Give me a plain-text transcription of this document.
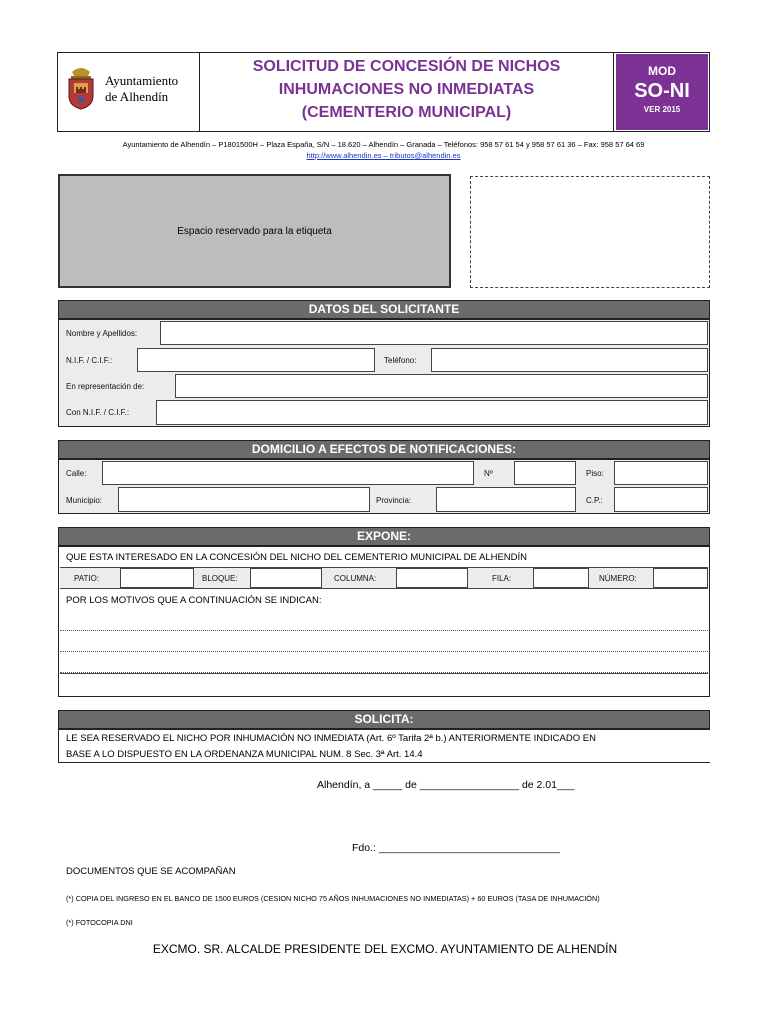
Ayuntamiento
de Alhendín
SOLICITUD DE CONCESIÓN DE NICHOS
INHUMACIONES NO INMEDIATAS
(CEMENTERIO MUNICIPAL)
MOD
SO-NI
VER 2015
Ayuntamiento de Alhendín – P1801500H – Plaza España, S/N – 18.620 – Alhendín – Granada – Teléfonos: 958 57 61 54 y 958 57 61 36 – Fax: 958 57 64 69
http://www.alhendin.es – tributos@alhendin.es
Espacio reservado para la etiqueta
DATOS DEL SOLICITANTE
Nombre y Apellidos:
N.I.F. / C.I.F.:	Teléfono:
En representación de:
Con N.I.F. / C.I.F.:
DOMICILIO A EFECTOS DE NOTIFICACIONES:
Calle:	Nº	Piso:
Municipio:	Provincia:	C.P.:
EXPONE:
QUE ESTA INTERESADO EN LA CONCESIÓN DEL NICHO DEL CEMENTERIO MUNICIPAL DE ALHENDÍN
PATIO:	BLOQUE:	COLUMNA:	FILA:	NÚMERO:
POR LOS MOTIVOS QUE A CONTINUACIÓN SE INDICAN:
SOLICITA:
LE SEA RESERVADO EL NICHO POR INHUMACIÓN NO INMEDIATA (Art. 6º Tarifa 2ª b.) ANTERIORMENTE INDICADO EN
BASE A LO DISPUESTO EN LA ORDENANZA MUNICIPAL NUM. 8 Sec. 3ª Art. 14.4
Alhendín, a _____ de _________________ de 2.01___
Fdo.: _______________________________
DOCUMENTOS QUE SE ACOMPAÑAN
(*) COPIA DEL INGRESO EN EL BANCO DE 1500 EUROS (CESION NICHO 75 AÑOS INHUMACIONES NO INMEDIATAS) + 60 EUROS (TASA DE INHUMACIÓN)
(*) FOTOCOPIA DNI
EXCMO. SR. ALCALDE PRESIDENTE DEL EXCMO. AYUNTAMIENTO DE ALHENDÍN
